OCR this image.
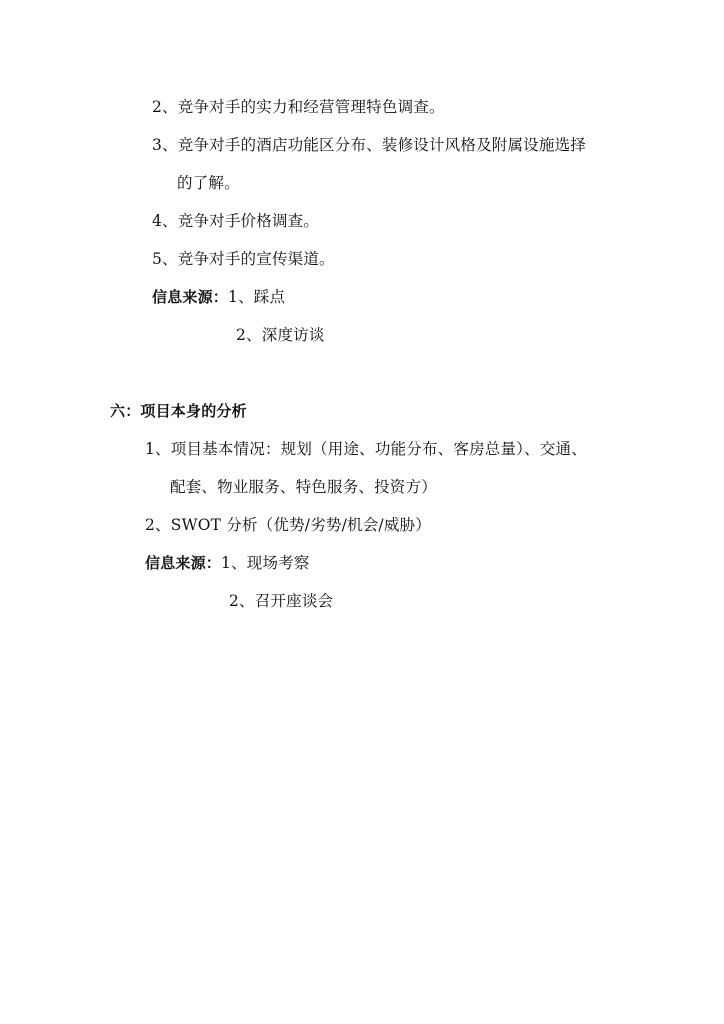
2、竞争对手的实力和经营管理特色调查。
3、竞争对手的酒店功能区分布、装修设计风格及附属设施选择
的了解。
4、竞争对手价格调查。
5、竞争对手的宣传渠道。
信息来源：1、踩点
2、深度访谈
六：项目本身的分析
1、项目基本情况：规划（用途、功能分布、客房总量）、交通、
配套、物业服务、特色服务、投资方）
2、SWOT 分析（优势/劣势/机会/威胁）
信息来源：1、现场考察
2、召开座谈会
